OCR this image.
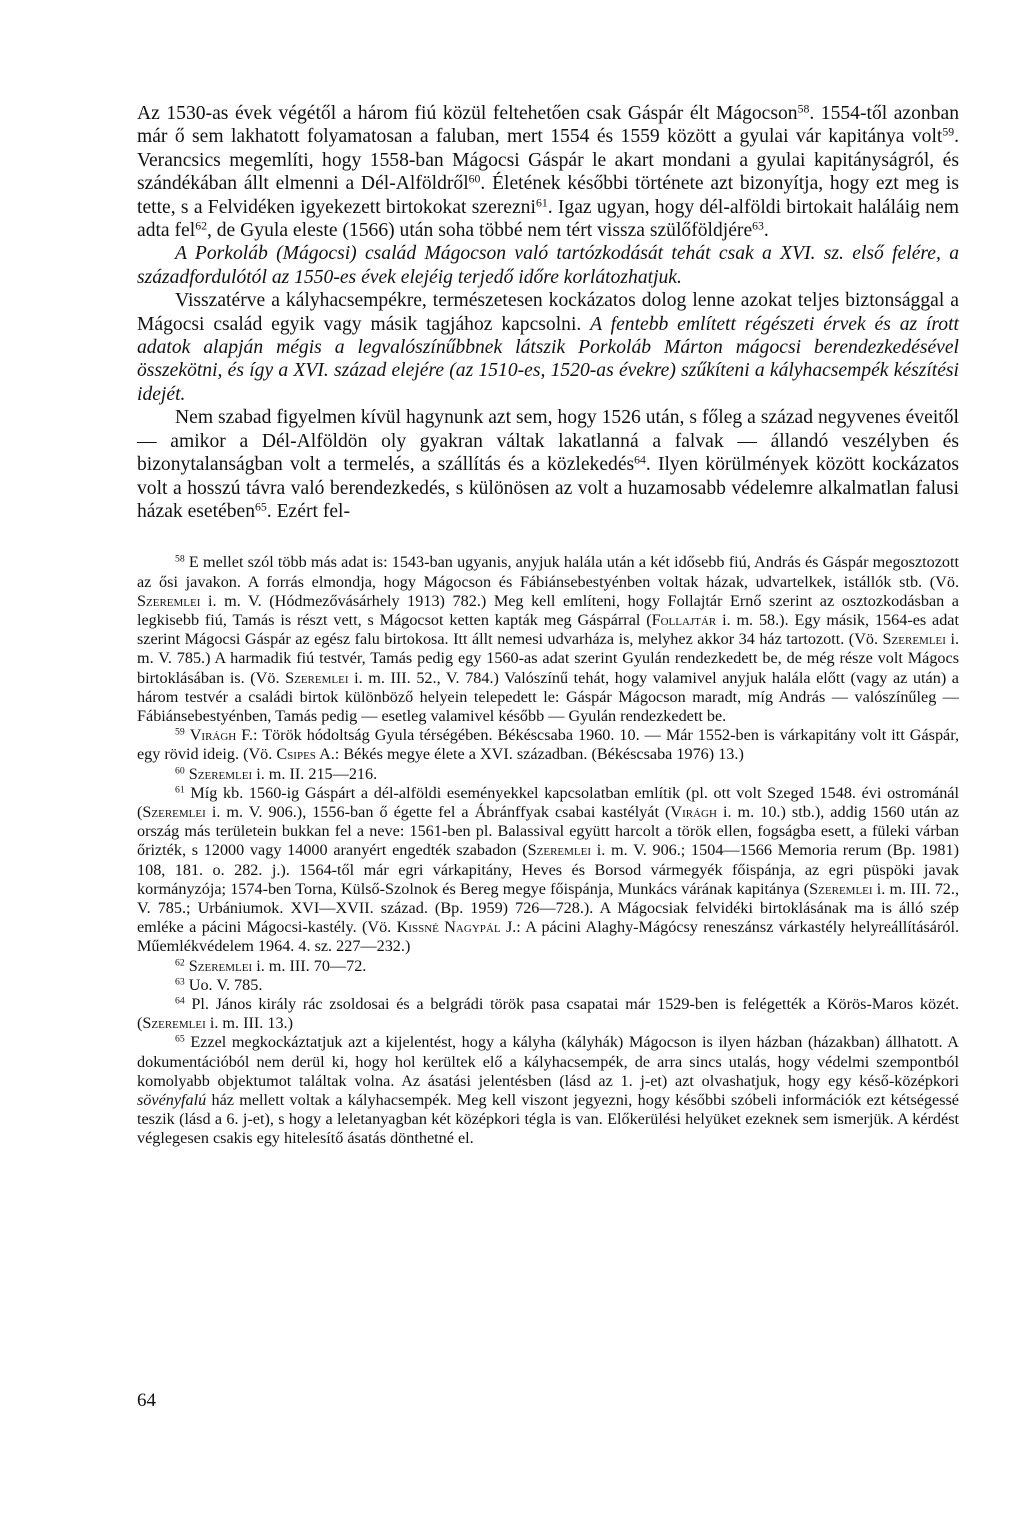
Az 1530-as évek végétől a három fiú közül feltehetően csak Gáspár élt Mágocson$^{58}$. 1554-től azonban már ő sem lakhatott folyamatosan a faluban, mert 1554 és 1559 között a gyulai vár kapitánya volt$^{59}$. Verancsics megemlíti, hogy 1558-ban Mágocsi Gáspár le akart mondani a gyulai kapitányságról, és szándékában állt elmenni a Dél-Alföldről$^{60}$. Életének későbbi története azt bizonyítja, hogy ezt meg is tette, s a Felvidéken igyekezett birtokokat szerezni$^{61}$. Igaz ugyan, hogy dél-alföldi birtokait haláláig nem adta fel$^{62}$, de Gyula eleste (1566) után soha többé nem tért vissza szülőföldjére$^{63}$.

A Porkoláb (Mágocsi) család Mágocson való tartózkodását tehát csak a XVI. sz. első felére, a századfordulótól az 1550-es évek elejéig terjedő időre korlátozhatjuk.

Visszatérve a kályhacsempékre, természetesen kockázatos dolog lenne azokat teljes biztonsággal a Mágocsi család egyik vagy másik tagjához kapcsolni. A fentebb említett régészeti érvek és az írott adatok alapján mégis a legvalószínűbbnek látszik Porkoláb Márton mágocsi berendezkedésével összekötni, és így a XVI. század elejére (az 1510-es, 1520-as évekre) szűkíteni a kályhacsempék készítési idejét.

Nem szabad figyelmen kívül hagynunk azt sem, hogy 1526 után, s főleg a század negyvenes éveitől — amikor a Dél-Alföldön oly gyakran váltak lakatlanná a falvak — állandó veszélyben és bizonytalanságban volt a termelés, a szállítás és a közlekedés$^{64}$. Ilyen körülmények között kockázatos volt a hosszú távra való berendezkedés, s különösen az volt a huzamosabb védelemre alkalmatlan falusi házak esetében$^{65}$. Ezért fel-

$^{58}$ E mellet szól több más adat is: 1543-ban ugyanis, anyjuk halála után a két idősebb fiú, András és Gáspár megosztozott az ősi javakon. A forrás elmondja, hogy Mágocson és Fábiánsebestyénben voltak házak, udvartelkek, istállók stb. (Vö. Szeremlei i. m. V. (Hódmezővásárhely 1913) 782.) Meg kell említeni, hogy Follajtár Ernő szerint az osztozkodásban a legkisebb fiú, Tamás is részt vett, s Mágocsot ketten kapták meg Gáspárral (Follajtár i. m. 58.). Egy másik, 1564-es adat szerint Mágocsi Gáspár az egész falu birtokosa. Itt állt nemesi udvarháza is, melyhez akkor 34 ház tartozott. (Vö. Szeremlei i. m. V. 785.) A harmadik fiú testvér, Tamás pedig egy 1560-as adat szerint Gyulán rendezkedett be, de még része volt Mágocs birtoklásában is. (Vö. Szeremlei i. m. III. 52., V. 784.) Valószínű tehát, hogy valamivel anyjuk halála előtt (vagy az után) a három testvér a családi birtok különböző helyein telepedett le: Gáspár Mágocson maradt, míg András — valószínűleg — Fábiánsebestyénben, Tamás pedig — esetleg valamivel később — Gyulán rendezkedett be.

$^{59}$ Virágh F.: Török hódoltság Gyula térségében. Békéscsaba 1960. 10. — Már 1552-ben is várkapitány volt itt Gáspár, egy rövid ideig. (Vö. Csipes A.: Békés megye élete a XVI. században. (Békéscsaba 1976) 13.)

$^{60}$ Szeremlei i. m. II. 215—216.

$^{61}$ Míg kb. 1560-ig Gáspárt a dél-alföldi eseményekkel kapcsolatban említik (pl. ott volt Szeged 1548. évi ostrománál (Szeremlei i. m. V. 906.), 1556-ban ő égette fel a Ábránffyak csabai kastélyát (Virágh i. m. 10.) stb.), addig 1560 után az ország más területein bukkan fel a neve: 1561-ben pl. Balassival együtt harcolt a török ellen, fogságba esett, a füleki várban őrizték, s 12000 vagy 14000 aranyért engedték szabadon (Szeremlei i. m. V. 906.; 1504—1566 Memoria rerum (Bp. 1981) 108, 181. o. 282. j.). 1564-től már egri várkapitány, Heves és Borsod vármegyék főispánja, az egri püspöki javak kormányzója; 1574-ben Torna, Külső-Szolnok és Bereg megye főispánja, Munkács várának kapitánya (Szeremlei i. m. III. 72., V. 785.; Urbániumok. XVI—XVII. század. (Bp. 1959) 726—728.). A Mágocsiak felvidéki birtoklásának ma is álló szép emléke a pácini Mágocsi-kastély. (Vö. Kissné Nagypál J.: A pácini Alaghy-Mágócsy reneszánsz várkastély helyreállításáról. Műemlékvédelem 1964. 4. sz. 227—232.)

$^{62}$ Szeremlei i. m. III. 70—72.

$^{63}$ Uo. V. 785.

$^{64}$ Pl. János király rác zsoldosai és a belgrádi török pasa csapatai már 1529-ben is felégették a Körös-Maros közét. (Szeremlei i. m. III. 13.)

$^{65}$ Ezzel megkockáztatjuk azt a kijelentést, hogy a kályha (kályhák) Mágocson is ilyen házban (házakban) állhatott. A dokumentációból nem derül ki, hogy hol kerültek elő a kályhacsempék, de arra sincs utalás, hogy védelmi szempontból komolyabb objektumot találtak volna. Az ásatási jelentésben (lásd az 1. j-et) azt olvashatjuk, hogy egy késő-középkori sövényfalú ház mellett voltak a kályhacsempék. Meg kell viszont jegyezni, hogy későbbi szóbeli információk ezt kétségessé teszik (lásd a 6. j-et), s hogy a leletanyagban két középkori tégla is van. Előkerülési helyüket ezeknek sem ismerjük. A kérdést véglegesen csakis egy hitelesítő ásatás dönthetné el.

64
